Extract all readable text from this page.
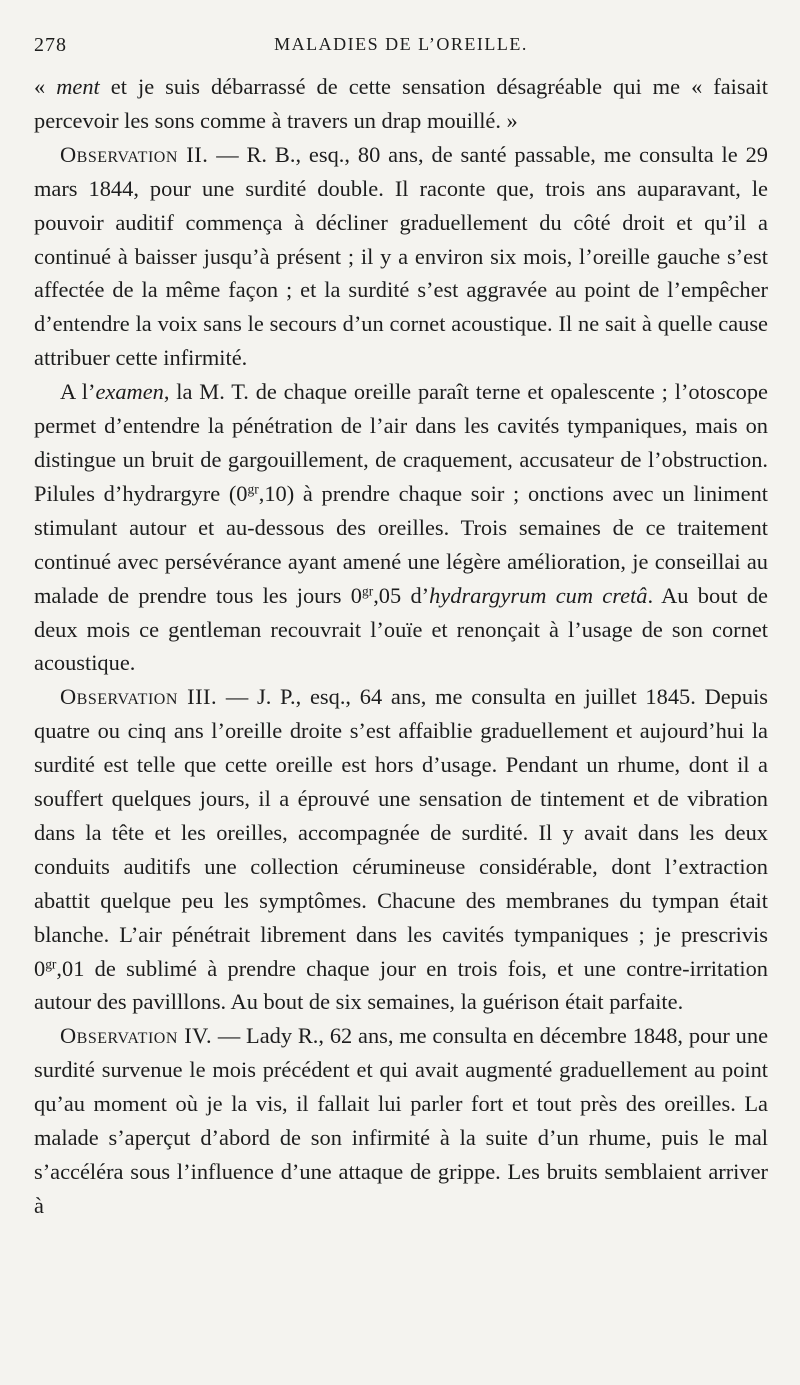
278	MALADIES DE L’OREILLE.

« ment et je suis débarrassé de cette sensation désagréable qui me « faisait percevoir les sons comme à travers un drap mouillé. »

Observation II. — R. B., esq., 80 ans, de santé passable, me consulta le 29 mars 1844, pour une surdité double. Il raconte que, trois ans auparavant, le pouvoir auditif commença à décliner graduellement du côté droit et qu’il a continué à baisser jusqu’à présent ; il y a environ six mois, l’oreille gauche s’est affectée de la même façon ; et la surdité s’est aggravée au point de l’empêcher d’entendre la voix sans le secours d’un cornet acoustique. Il ne sait à quelle cause attribuer cette infirmité.

A l’examen, la M. T. de chaque oreille paraît terne et opalescente ; l’otoscope permet d’entendre la pénétration de l’air dans les cavités tympaniques, mais on distingue un bruit de gargouillement, de craquement, accusateur de l’obstruction. Pilules d’hydrargyre $(0^{gr},10)$ à prendre chaque soir ; onctions avec un liniment stimulant autour et au-dessous des oreilles. Trois semaines de ce traitement continué avec persévérance ayant amené une légère amélioration, je conseillai au malade de prendre tous les jours $0^{gr},05$ d’hydrargyrum cum cretâ. Au bout de deux mois ce gentleman recouvrait l’ouïe et renonçait à l’usage de son cornet acoustique.

Observation III. — J. P., esq., 64 ans, me consulta en juillet 1845. Depuis quatre ou cinq ans l’oreille droite s’est affaiblie graduellement et aujourd’hui la surdité est telle que cette oreille est hors d’usage. Pendant un rhume, dont il a souffert quelques jours, il a éprouvé une sensation de tintement et de vibration dans la tête et les oreilles, accompagnée de surdité. Il y avait dans les deux conduits auditifs une collection cérumineuse considérable, dont l’extraction abattit quelque peu les symptômes. Chacune des membranes du tympan était blanche. L’air pénétrait librement dans les cavités tympaniques ; je prescrivis $0^{gr},01$ de sublimé à prendre chaque jour en trois fois, et une contre-irritation autour des pavilllons. Au bout de six semaines, la guérison était parfaite.

Observation IV. — Lady R., 62 ans, me consulta en décembre 1848, pour une surdité survenue le mois précédent et qui avait augmenté graduellement au point qu’au moment où je la vis, il fallait lui parler fort et tout près des oreilles. La malade s’aperçut d’abord de son infirmité à la suite d’un rhume, puis le mal s’accéléra sous l’influence d’une attaque de grippe. Les bruits semblaient arriver à
